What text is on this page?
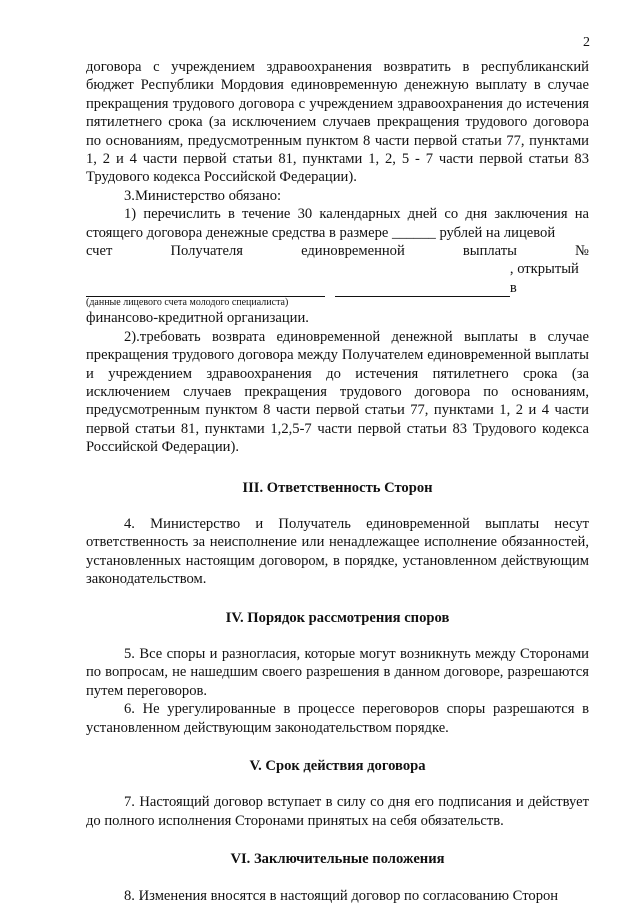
2

договора с учреждением здравоохранения возвратить в республиканский бюджет Республики Мордовия единовременную денежную выплату в случае прекращения трудового договора с учреждением здравоохранения до истечения пятилетнего срока (за исключением случаев прекращения трудового договора по основаниям, предусмотренным пунктом 8 части первой статьи 77, пунктами 1, 2 и 4 части первой статьи 81, пунктами 1, 2, 5 - 7 части первой статьи 83 Трудового кодекса Российской Федерации).

3.Министерство обязано:

1) перечислить в течение 30 календарных дней со дня заключения на стоящего договора денежные средства в размере ______ рублей на лицевой

счет	Получателя	единовременной	выплаты	№
, открытый в
(данные лицевого счета молодого специалиста)

финансово-кредитной организации.

2).требовать возврата единовременной денежной выплаты в случае прекращения трудового договора между Получателем единовременной выплаты и учреждением здравоохранения до истечения пятилетнего срока (за исключением случаев прекращения трудового договора по основаниям, предусмотренным пунктом 8 части первой статьи 77, пунктами 1, 2 и 4 части первой статьи 81, пунктами 1,2,5-7 части первой статьи 83 Трудового кодекса Российской Федерации).

III. Ответственность Сторон

4. Министерство и Получатель единовременной выплаты несут ответственность за неисполнение или ненадлежащее исполнение обязанностей, установленных настоящим договором, в порядке, установленном действующим законодательством.

IV. Порядок рассмотрения споров

5. Все споры и разногласия, которые могут возникнуть между Сторонами по вопросам, не нашедшим своего разрешения в данном договоре, разрешаются путем переговоров.

6. Не урегулированные в процессе переговоров споры разрешаются в установленном действующим законодательством порядке.

V. Срок действия договора

7. Настоящий договор вступает в силу со дня его подписания и действует до полного исполнения Сторонами принятых на себя обязательств.

VI. Заключительные положения

8. Изменения вносятся в настоящий договор по согласованию Сторон
